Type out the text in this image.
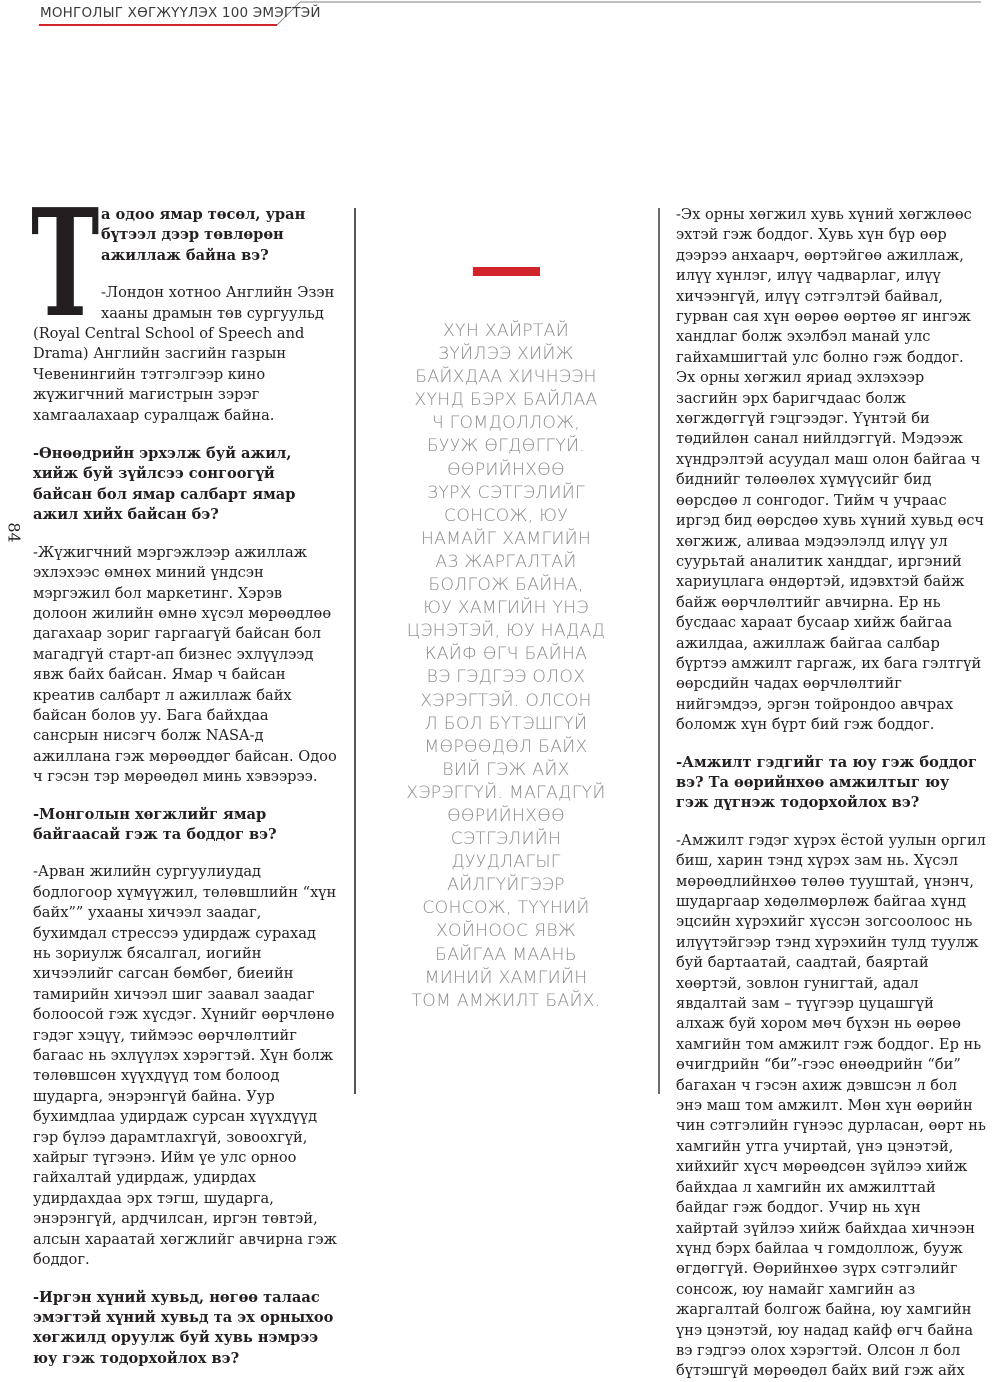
МОНГОЛЫГ ХӨГЖҮҮЛЭХ 100 ЭМЭГТЭЙ
84
Т а одоо ямар төсөл, уран бүтээл дээр төвлөрөн ажиллаж байна вэ?

-Лондон хотноо Английн Эзэн хааны драмын төв сургуульд (Royal Central School of Speech and Drama) Английн засгийн газрын Чевенингийн тэтгэлгээр кино жүжигчний магистрын зэрэг хамгаалахаар суралцаж байна.

-Өнөөдрийн эрхэлж буй ажил, хийж буй зүйлсээ сонгоогүй байсан бол ямар салбарт ямар ажил хийх байсан бэ?

-Жүжигчний мэргэжлээр ажиллаж эхлэхээс өмнөх миний үндсэн мэргэжил бол маркетинг. Хэрэв долоон жилийн өмнө хүсэл мөрөөдлөө дагахаар зориг гаргаагүй байсан бол магадгүй старт-ап бизнес эхлүүлээд явж байх байсан. Ямар ч байсан креатив салбарт л ажиллаж байх байсан болов уу. Бага байхдаа сансрын нисэгч болж NASA-д ажиллана гэж мөрөөддөг байсан. Одоо ч гэсэн тэр мөрөөдөл минь хэвээрээ.

-Монголын хөгжлийг ямар байгаасай гэж та боддог вэ?

-Арван жилийн сургуулиудад бодлогоор хүмүүжил, төлөвшлийн “хүн байх”” ухааны хичээл заадаг, бухимдал стрессээ удирдаж сурахад нь зориулж бясалгал, иогийн хичээлийг сагсан бөмбөг, биеийн тамирийн хичээл шиг заавал заадаг болоосой гэж хүсдэг. Хүнийг өөрчлөнө гэдэг хэцүү, тиймээс өөрчлөлтийг багаас нь эхлүүлэх хэрэгтэй. Хүн болж төлөвшсөн хүүхдүүд том болоод шударга, энэрэнгүй байна. Уур бухимдлаа удирдаж сурсан хүүхдүүд гэр бүлээ дарамтлахгүй, зовоохгүй, хайрыг түгээнэ. Ийм үе улс орноо гайхалтай удирдаж, удирдах удирдахдаа эрх тэгш, шударга, энэрэнгүй, ардчилсан, иргэн төвтэй, алсын хараатай хөгжлийг авчирна гэж боддог.

-Иргэн хүний хувьд, нөгөө талаас эмэгтэй хүний хувьд та эх орныхоо хөгжилд оруулж буй хувь нэмрээ юу гэж тодорхойлох вэ?

ХҮН ХАЙРТАЙ
ЗҮЙЛЭЭ ХИЙЖ
БАЙХДАА ХИЧНЭЭН
ХҮНД БЭРХ БАЙЛАА
Ч ГОМДОЛЛОЖ,
БУУЖ ӨГДӨГГҮЙ.
ӨӨРИЙНХӨӨ
ЗҮРХ СЭТГЭЛИЙГ
СОНСОЖ, ЮУ
НАМАЙГ ХАМГИЙН
АЗ ЖАРГАЛТАЙ
БОЛГОЖ БАЙНА,
ЮУ ХАМГИЙН ҮНЭ
ЦЭНЭТЭЙ, ЮУ НАДАД
КАЙФ ӨГЧ БАЙНА
ВЭ ГЭДГЭЭ ОЛОХ
ХЭРЭГТЭЙ. ОЛСОН
Л БОЛ БҮТЭШГҮЙ
МӨРӨӨДӨЛ БАЙХ
ВИЙ ГЭЖ АЙХ
ХЭРЭГГҮЙ. МАГАДГҮЙ
ӨӨРИЙНХӨӨ
СЭТГЭЛИЙН
ДУУДЛАГЫГ
АЙЛГҮЙГЭЭР
СОНСОЖ, ТҮҮНИЙ
ХОЙНООС ЯВЖ
БАЙГАА МААНЬ
МИНИЙ ХАМГИЙН
ТОМ АМЖИЛТ БАЙХ.

-Эх орны хөгжил хувь хүний хөгжлөөс эхтэй гэж боддог. Хувь хүн бүр өөр дээрээ анхаарч, өөртэйгөө ажиллаж, илүү хүнлэг, илүү чадварлаг, илүү хичээнгүй, илүү сэтгэлтэй байвал, гурван сая хүн өөрөө өөртөө яг ингэж хандлаг болж эхэлбэл манай улс гайхамшигтай улс болно гэж боддог. Эх орны хөгжил яриад эхлэхээр засгийн эрх баригчдаас болж хөгждөггүй гэцгээдэг. Үүнтэй би төдийлөн санал нийлдэггүй. Мэдээж хүндрэлтэй асуудал маш олон байгаа ч биднийг төлөөлөх хүмүүсийг бид өөрсдөө л сонгодог. Тийм ч учраас иргэд бид өөрсдөө хувь хүний хувьд өсч хөгжиж, аливаа мэдээлэлд илүү ул суурьтай аналитик ханддаг, иргэний хариуцлага өндөртэй, идэвхтэй байж байж өөрчлөлтийг авчирна. Ер нь бусдаас хараат бусаар хийж байгаа ажилдаа, ажиллаж байгаа салбар бүртээ амжилт гаргаж, их бага гэлтгүй өөрсдийн чадах өөрчлөлтийг нийгэмдээ, эргэн тойрондоо авчрах боломж хүн бүрт бий гэж боддог.

-Амжилт гэдгийг та юу гэж боддог вэ? Та өөрийнхөө амжилтыг юу гэж дүгнэж тодорхойлох вэ?

-Амжилт гэдэг хүрэх ёстой уулын оргил биш, харин тэнд хүрэх зам нь. Хүсэл мөрөөдлийнхөө төлөө тууштай, үнэнч, шударгаар хөдөлмөрлөж байгаа хүнд эцсийн хүрэхийг хүссэн зогсоолоос нь илүүтэйгээр тэнд хүрэхийн тулд туулж буй бартаатай, саадтай, баяртай хөөртэй, зовлон гунигтай, адал явдалтай зам – түүгээр цуцашгүй алхаж буй хором мөч бүхэн нь өөрөө хамгийн том амжилт гэж боддог. Ер нь өчигдрийн “би”-гээс өнөөдрийн “би” багахан ч гэсэн ахиж дэвшсэн л бол энэ маш том амжилт. Мөн хүн өөрийн чин сэтгэлийн гүнээс дурласан, өөрт нь хамгийн утга учиртай, үнэ цэнэтэй, хийхийг хүсч мөрөөдсөн зүйлээ хийж байхдаа л хамгийн их амжилттай байдаг гэж боддог. Учир нь хүн хайртай зүйлээ хийж байхдаа хичнээн хүнд бэрх байлаа ч гомдоллож, бууж өгдөггүй. Өөрийнхөө зүрх сэтгэлийг сонсож, юу намайг хамгийн аз жаргалтай болгож байна, юу хамгийн үнэ цэнэтэй, юу надад кайф өгч байна вэ гэдгээ олох хэрэгтэй. Олсон л бол бүтэшгүй мөрөөдөл байх вий гэж айх
